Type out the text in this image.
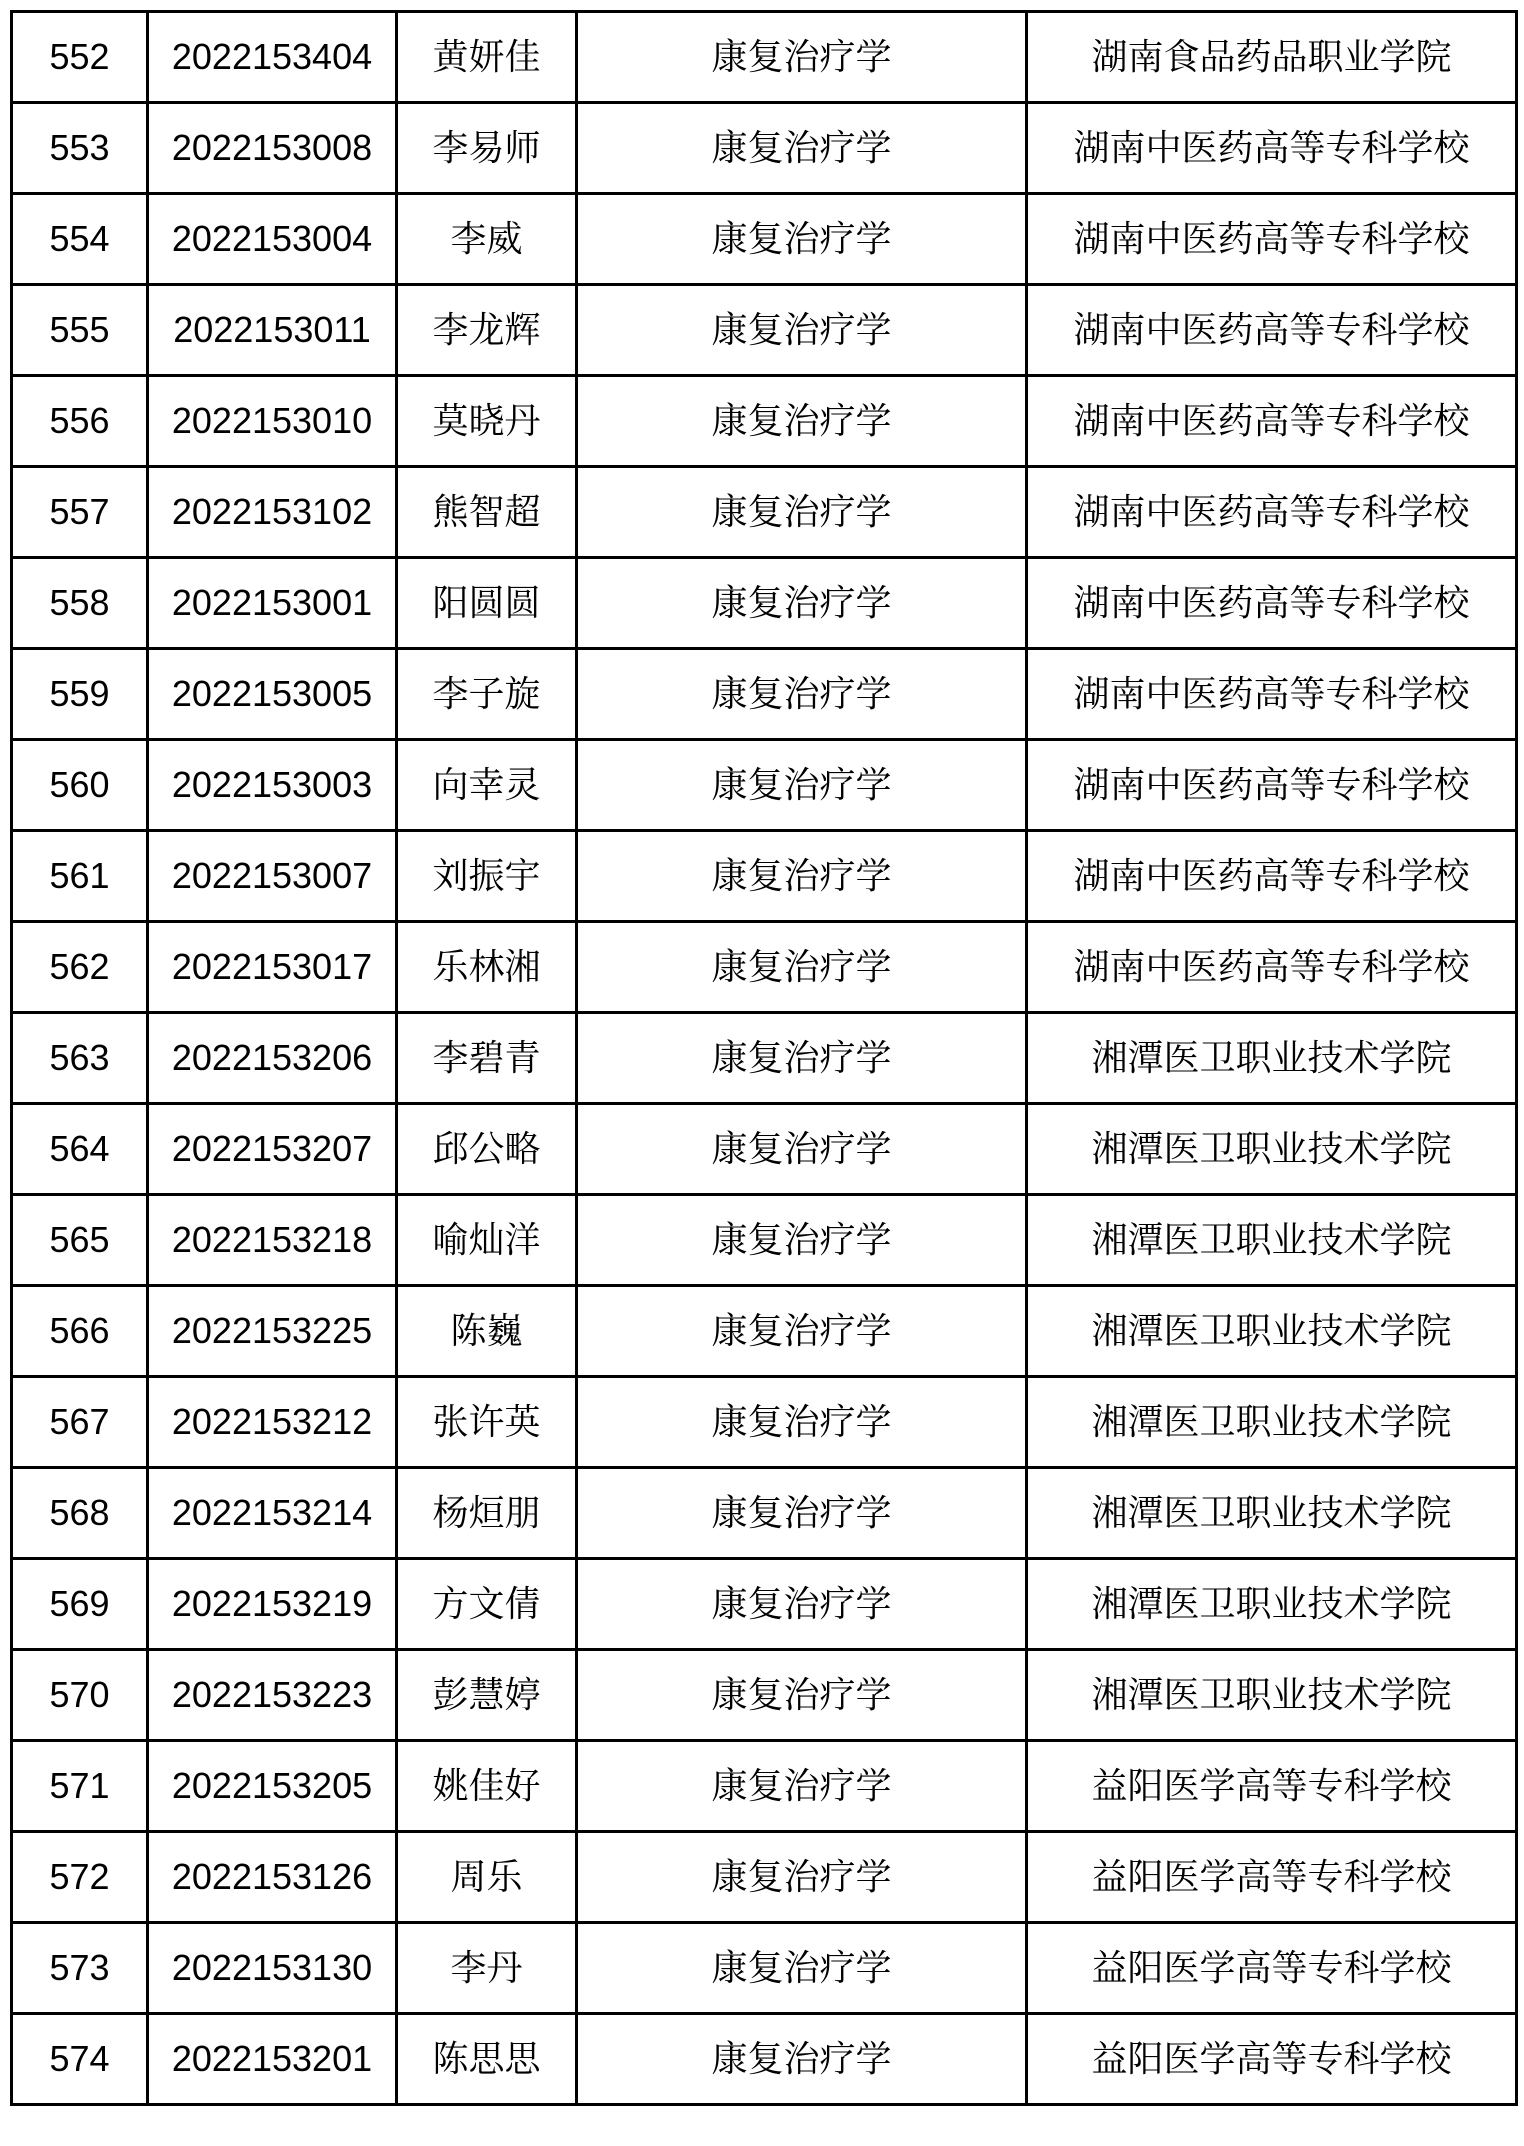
552	2022153404	黄妍佳	康复治疗学	湖南食品药品职业学院
553	2022153008	李易师	康复治疗学	湖南中医药高等专科学校
554	2022153004	李威	康复治疗学	湖南中医药高等专科学校
555	2022153011	李龙辉	康复治疗学	湖南中医药高等专科学校
556	2022153010	莫晓丹	康复治疗学	湖南中医药高等专科学校
557	2022153102	熊智超	康复治疗学	湖南中医药高等专科学校
558	2022153001	阳圆圆	康复治疗学	湖南中医药高等专科学校
559	2022153005	李子旋	康复治疗学	湖南中医药高等专科学校
560	2022153003	向幸灵	康复治疗学	湖南中医药高等专科学校
561	2022153007	刘振宇	康复治疗学	湖南中医药高等专科学校
562	2022153017	乐林湘	康复治疗学	湖南中医药高等专科学校
563	2022153206	李碧青	康复治疗学	湘潭医卫职业技术学院
564	2022153207	邱公略	康复治疗学	湘潭医卫职业技术学院
565	2022153218	喻灿洋	康复治疗学	湘潭医卫职业技术学院
566	2022153225	陈巍	康复治疗学	湘潭医卫职业技术学院
567	2022153212	张许英	康复治疗学	湘潭医卫职业技术学院
568	2022153214	杨烜朋	康复治疗学	湘潭医卫职业技术学院
569	2022153219	方文倩	康复治疗学	湘潭医卫职业技术学院
570	2022153223	彭慧婷	康复治疗学	湘潭医卫职业技术学院
571	2022153205	姚佳好	康复治疗学	益阳医学高等专科学校
572	2022153126	周乐	康复治疗学	益阳医学高等专科学校
573	2022153130	李丹	康复治疗学	益阳医学高等专科学校
574	2022153201	陈思思	康复治疗学	益阳医学高等专科学校
